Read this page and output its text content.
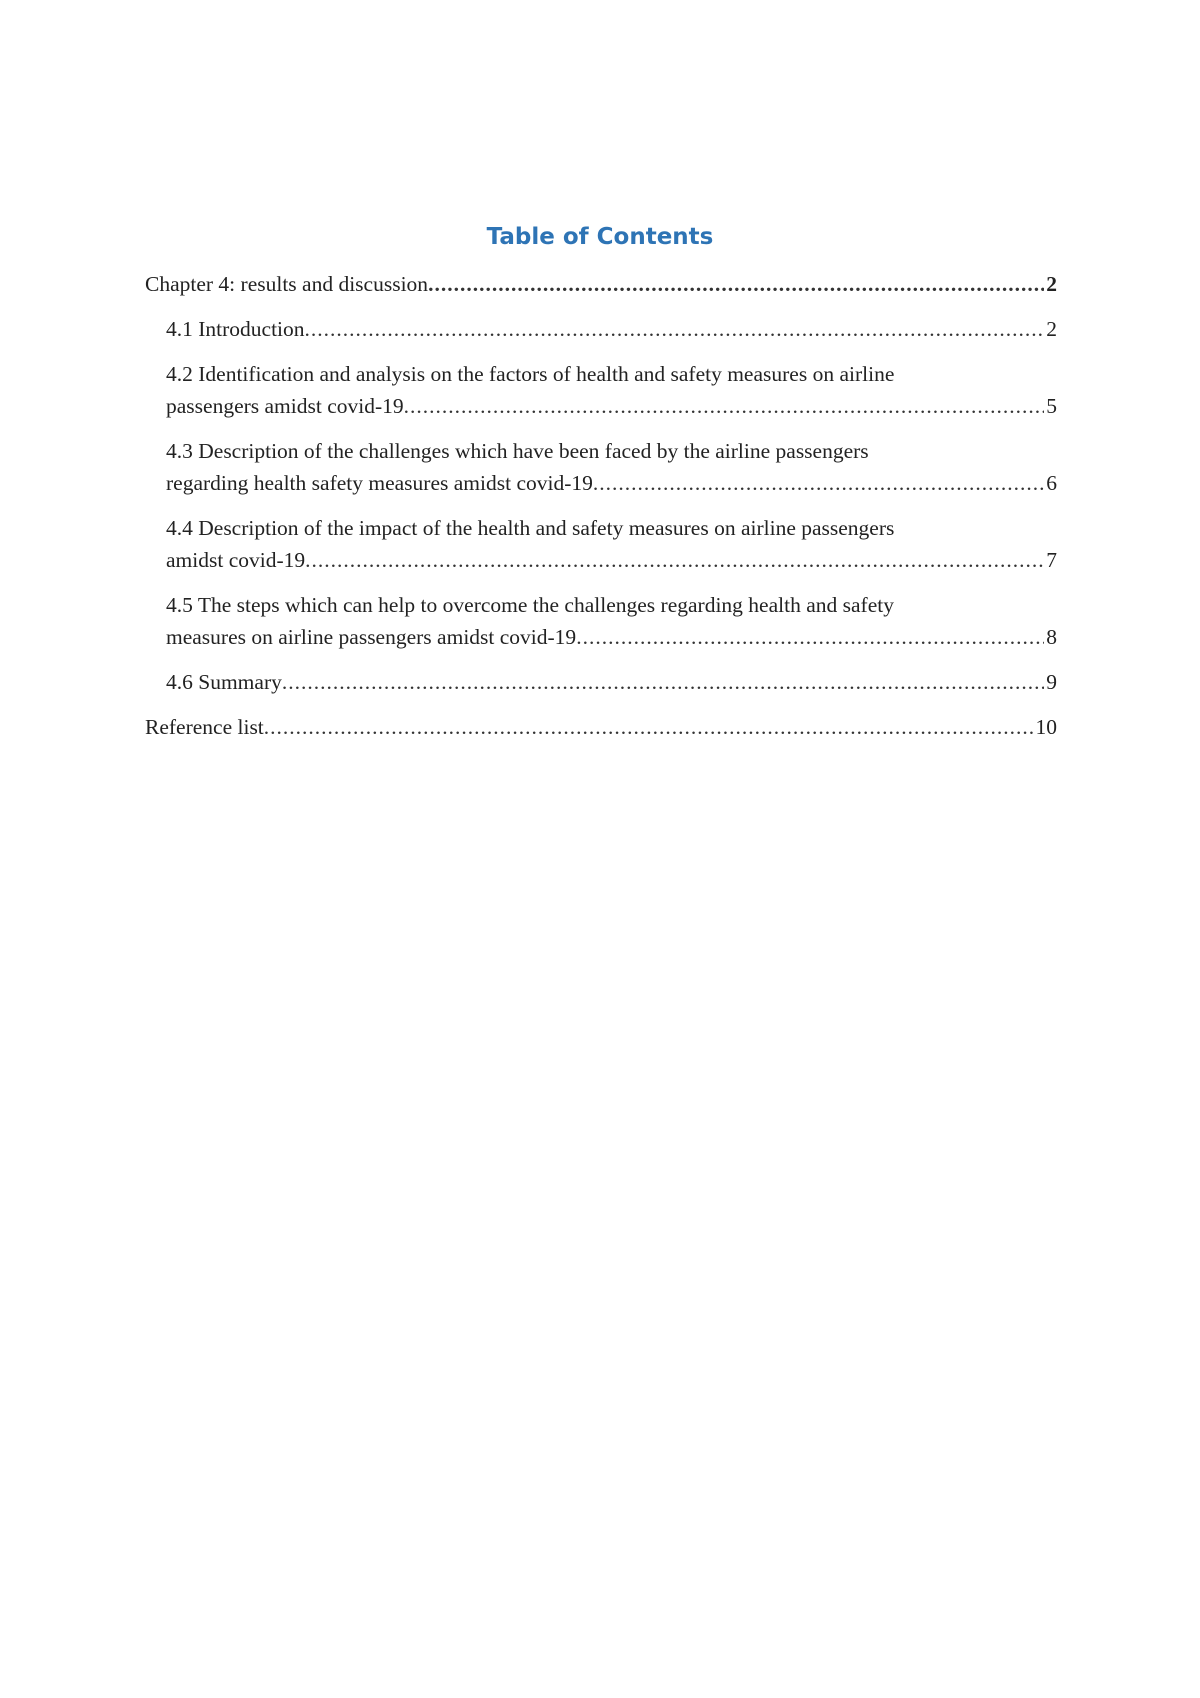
Table of Contents
Chapter 4: results and discussion .....	2
4.1 Introduction .....	2
4.2 Identification and analysis on the factors of health and safety measures on airline
passengers amidst covid-19 .....	5
4.3 Description of the challenges which have been faced by the airline passengers
regarding health safety measures amidst covid-19 .....	6
4.4 Description of the impact of the health and safety measures on airline passengers
amidst covid-19 .....	7
4.5 The steps which can help to overcome the challenges regarding health and safety
measures on airline passengers amidst covid-19 .....	8
4.6 Summary .....	9
Reference list .....	10
